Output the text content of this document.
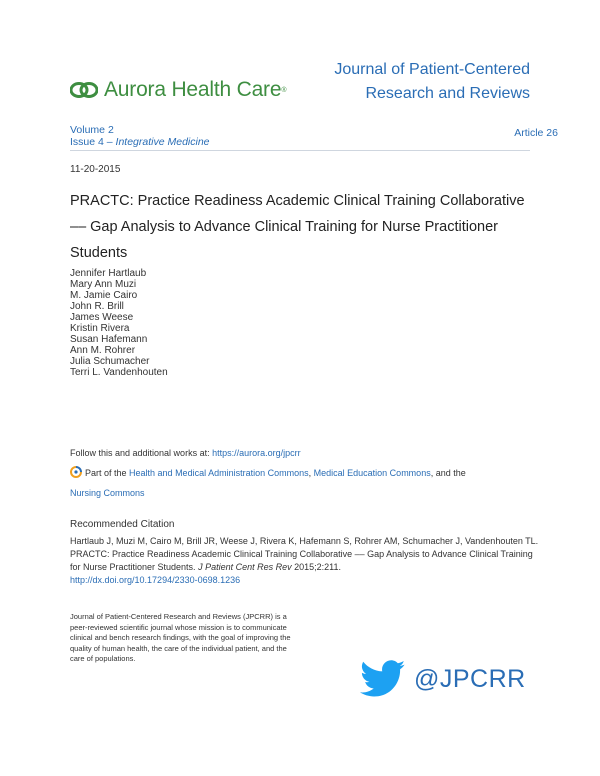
Aurora Health Care ®
Journal of Patient-Centered
Research and Reviews
Volume 2
Issue 4 – Integrative Medicine
Article 26
11-20-2015
PRACTC: Practice Readiness Academic Clinical Training Collaborative –– Gap Analysis to Advance Clinical Training for Nurse Practitioner Students
Jennifer Hartlaub
Mary Ann Muzi
M. Jamie Cairo
John R. Brill
James Weese
Kristin Rivera
Susan Hafemann
Ann M. Rohrer
Julia Schumacher
Terri L. Vandenhouten
Follow this and additional works at: https://aurora.org/jpcrr
Part of the Health and Medical Administration Commons, Medical Education Commons, and the
Nursing Commons
Recommended Citation
Hartlaub J, Muzi M, Cairo M, Brill JR, Weese J, Rivera K, Hafemann S, Rohrer AM, Schumacher J, Vandenhouten TL. PRACTC: Practice Readiness Academic Clinical Training Collaborative –– Gap Analysis to Advance Clinical Training for Nurse Practitioner Students. J Patient Cent Res Rev 2015;2:211.
http://dx.doi.org/10.17294/2330-0698.1236
Journal of Patient-Centered Research and Reviews (JPCRR) is a peer-reviewed scientific journal whose mission is to communicate clinical and bench research findings, with the goal of improving the quality of human health, the care of the individual patient, and the care of populations.
@JPCRR
